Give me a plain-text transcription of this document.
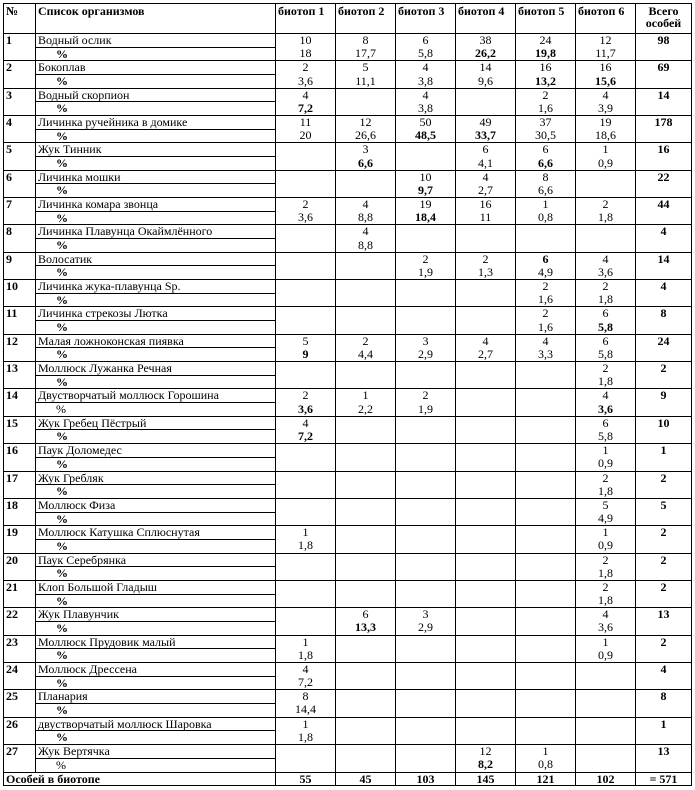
№	Список организмов	биотоп 1	биотоп 2	биотоп 3	биотоп 4	биотоп 5	биотоп 6	Всего особей
1	Водный ослик	10	8	6	38	24	12	98
	%	18	17,7	5,8	26,2	19,8	11,7	
2	Бокоплав	2	5	4	14	16	16	69
	%	3,6	11,1	3,8	9,6	13,2	15,6	
3	Водный скорпион	4		4		2	4	14
	%	7,2		3,8		1,6	3,9	
4	Личинка ручейника в домике	11	12	50	49	37	19	178
	%	20	26,6	48,5	33,7	30,5	18,6	
5	Жук Тинник		3		6	6	1	16
	%		6,6		4,1	6,6	0,9	
6	Личинка мошки			10	4	8		22
	%			9,7	2,7	6,6		
7	Личинка комара звонца	2	4	19	16	1	2	44
	%	3,6	8,8	18,4	11	0,8	1,8	
8	Личинка Плавунца Окаймлённого		4					4
	%		8,8					
9	Волосатик			2	2	6	4	14
	%			1,9	1,3	4,9	3,6	
10	Личинка жука-плавунца Sp.					2	2	4
	%					1,6	1,8	
11	Личинка стрекозы Лютка					2	6	8
	%					1,6	5,8	
12	Малая ложноконская пиявка	5	2	3	4	4	6	24
	%	9	4,4	2,9	2,7	3,3	5,8	
13	Моллюск Лужанка Речная						2	2
	%						1,8	
14	Двустворчатый моллюск Горошина	2	1	2			4	9
	%	3,6	2,2	1,9			3,6	
15	Жук Гребец Пёстрый	4					6	10
	%	7,2					5,8	
16	Паук Доломедес						1	1
	%						0,9	
17	Жук Гребляк						2	2
	%						1,8	
18	Моллюск Физа						5	5
	%						4,9	
19	Моллюск Катушка Сплюснутая	1					1	2
	%	1,8					0,9	
20	Паук Серебрянка						2	2
	%						1,8	
21	Клоп Большой Гладыш						2	2
	%						1,8	
22	Жук Плавунчик		6	3			4	13
	%		13,3	2,9			3,6	
23	Моллюск Прудовик малый	1					1	2
	%	1,8					0,9	
24	Моллюск Дрессена	4						4
	%	7,2						
25	Планария	8						8
	%	14,4						
26	двустворчатый моллюск Шаровка	1						1
	%	1,8						
27	Жук Вертячка				12	1		13
	%				8,2	0,8		
Особей в биотопе		55	45	103	145	121	102	= 571
